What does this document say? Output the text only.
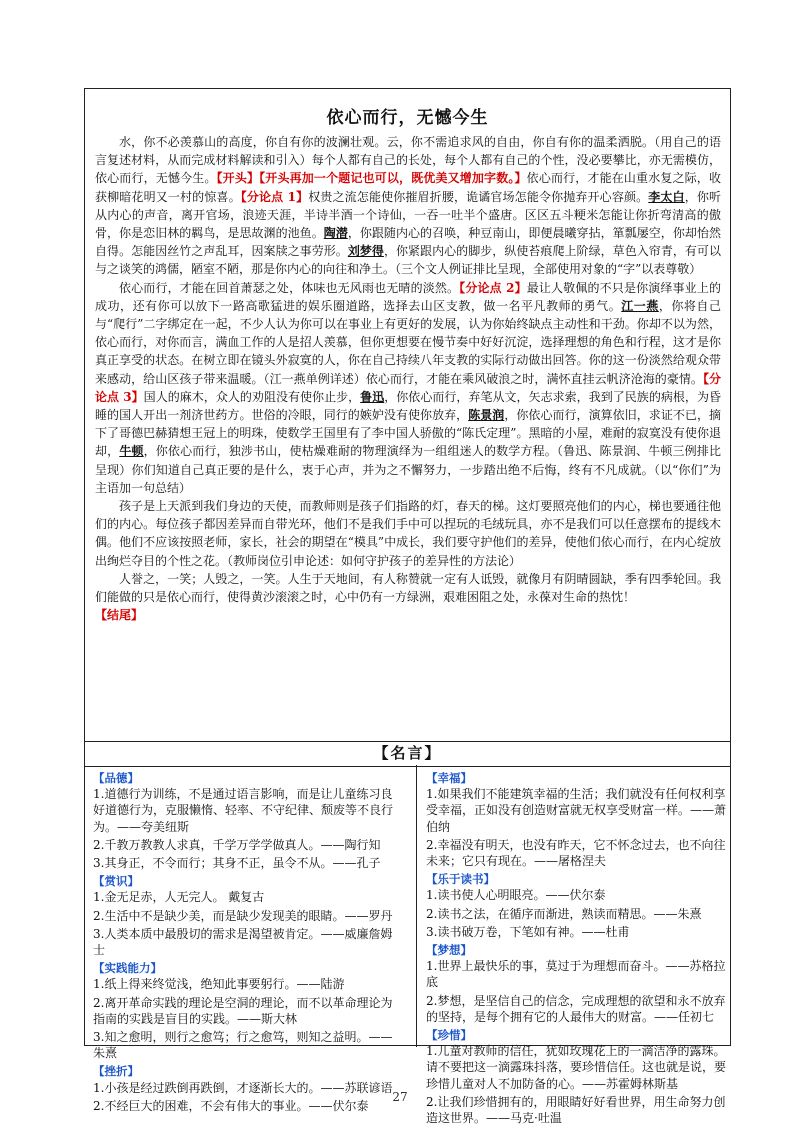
依心而行，无憾今生

水，你不必羡慕山的高度，你自有你的波澜壮观。云，你不需追求风的自由，你自有你的温柔洒脱。（用自己的语言复述材料，从而完成材料解读和引入）每个人都有自己的长处，每个人都有自己的个性，没必要攀比，亦无需模仿，依心而行，无憾今生。【开头】【开头再加一个题记也可以，既优美又增加字数。】依心而行，才能在山重水复之际，收获柳暗花明又一村的惊喜。【分论点 1】权贵之流怎能使你摧眉折腰，诡谲官场怎能令你抛弃开心容颜。李太白，你听从内心的声音，离开官场，浪迹天涯，半诗半酒一个诗仙，一吞一吐半个盛唐。区区五斗粳米怎能让你折弯清高的傲骨，你是恋旧林的羁鸟，是思故渊的池鱼。陶潜，你跟随内心的召唤，种豆南山，即便晨曦穿拈，箪瓢屡空，你却怡然自得。怎能因丝竹之声乱耳，因案牍之事劳形。刘梦得，你紧跟内心的脚步，纵使苔痕爬上阶绿，草色入帘青，有可以与之谈笑的鸿儒，陋室不陋，那是你内心的向往和净土。（三个文人例证排比呈现，全部使用对象的“字”以表尊敬）

依心而行，才能在回首萧瑟之处，体味也无风雨也无晴的淡然。【分论点 2】最让人敬佩的不只是你演绎事业上的成功，还有你可以放下一路高歌猛进的娱乐圈道路，选择去山区支教，做一名平凡教师的勇气。江一燕，你将自己与“爬行”二字绑定在一起，不少人认为你可以在事业上有更好的发展，认为你始终缺点主动性和干劲。你却不以为然，依心而行，对你而言，满血工作的人是招人羡慕，但你更想要在慢节奏中好好沉淀，选择理想的角色和行程，这才是你真正享受的状态。在树立即在镜头外寂寞的人，你在自己持续八年支教的实际行动做出回答。你的这一份淡然给观众带来感动，给山区孩子带来温暖。（江一燕单例详述）依心而行，才能在乘风破浪之时，满怀直挂云帆济沧海的豪情。【分论点 3】国人的麻木，众人的劝阻没有使你止步，鲁迅，你依心而行，弃笔从文，矢志求索，我到了民族的病根，为昏睡的国人开出一剂济世药方。世俗的冷眼，同行的嫉妒没有使你放弃，陈景润，你依心而行，演算依旧，求证不已，摘下了哥德巴赫猜想王冠上的明珠，使数学王国里有了李中国人骄傲的“陈氏定理”。黑暗的小屋，难耐的寂寞没有使你退却，牛顿，你依心而行，独涉书山，使枯燥难耐的物理演绎为一组组迷人的数学方程。（鲁迅、陈景润、牛顿三例排比呈现）你们知道自己真正要的是什么，衷于心声，并为之不懈努力，一步踏出绝不后悔，终有不凡成就。（以“你们”为主语加一句总结）

孩子是上天派到我们身边的天使，而教师则是孩子们指路的灯，春天的梯。这灯要照亮他们的内心，梯也要通往他们的内心。每位孩子都因差异而自带光环，他们不是我们手中可以捏玩的毛绒玩具，亦不是我们可以任意摆布的提线木偶。他们不应该按照老师，家长，社会的期望在“模具”中成长，我们要守护他们的差异，使他们依心而行，在内心绽放出绚烂夺目的个性之花。（教师岗位引申论述：如何守护孩子的差异性的方法论）

人誉之，一笑；人毁之，一笑。人生于天地间，有人称赞就一定有人诋毁，就像月有阴晴圆缺，季有四季轮回。我们能做的只是依心而行，使得黄沙滚滚之时，心中仍有一方绿洲，艰难困阻之处，永葆对生命的热忱！

【结尾】

【名言】
【品德】

1.道德行为训练，不是通过语言影响，而是让儿童练习良好道德行为，克服懒惰、轻率、不守纪律、颓废等不良行为。——夸美纽斯

2.千教万教教人求真，千学万学学做真人。——陶行知

3.其身正，不令而行；其身不正，虽令不从。——孔子

【赏识】

1.金无足赤，人无完人。 戴复古

2.生活中不是缺少美，而是缺少发现美的眼睛。——罗丹

3.人类本质中最殷切的需求是渴望被肯定。——威廉詹姆士

【实践能力】

1.纸上得来终觉浅，绝知此事要躬行。——陆游

2.离开革命实践的理论是空洞的理论，而不以革命理论为指南的实践是盲目的实践。——斯大林

3.知之愈明，则行之愈笃；行之愈笃，则知之益明。——朱熹

【挫折】

1.小孩是经过跌倒再跌倒，才逐渐长大的。——苏联谚语

2.不经巨大的困难，不会有伟大的事业。——伏尔泰

【幸福】

1.如果我们不能建筑幸福的生活；我们就没有任何权利享受幸福，正如没有创造财富就无权享受财富一样。——萧伯纳

2.幸福没有明天，也没有昨天，它不怀念过去，也不向往未来；它只有现在。——屠格涅夫

【乐于读书】

1.读书使人心明眼亮。——伏尔泰

2.读书之法，在循序而渐进，熟读而精思。——朱熹

3.读书破万卷，下笔如有神。——杜甫

【梦想】

1.世界上最快乐的事，莫过于为理想而奋斗。——苏格拉底

2.梦想，是坚信自己的信念，完成理想的欲望和永不放弃的坚持，是每个拥有它的人最伟大的财富。——任初七

【珍惜】

1.儿童对教师的信任，犹如玫瑰花上的一滴洁净的露珠。请不要把这一滴露珠抖落，要珍惜信任。这也就是说，要珍惜儿童对人不加防备的心。——苏霍姆林斯基

2.让我们珍惜拥有的，用眼睛好好看世界，用生命努力创造这世界。——马克·吐温

27
